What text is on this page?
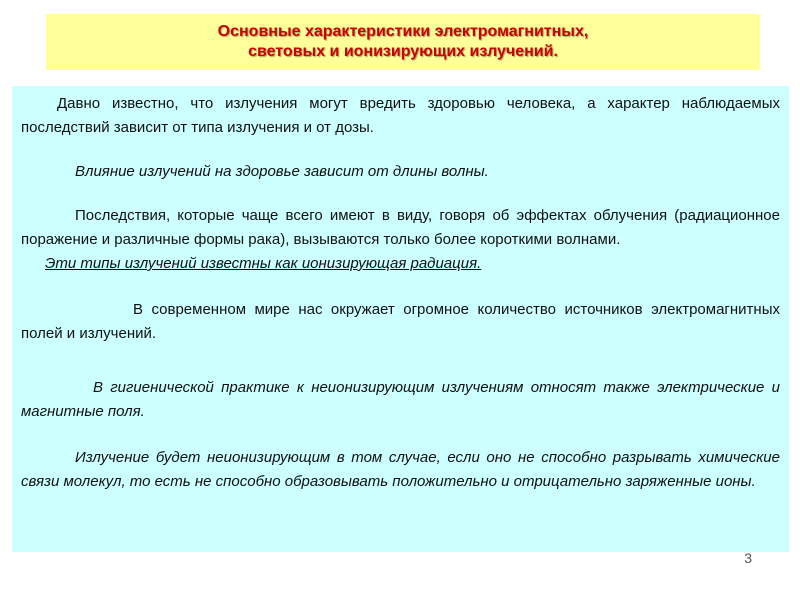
Основные характеристики электромагнитных,
световых и ионизирующих излучений.

Давно известно, что излучения могут вредить здоровью человека, а характер наблюдаемых последствий зависит от типа излучения и от дозы.

Влияние излучений на здоровье зависит от длины волны.

Последствия, которые чаще всего имеют в виду, говоря об эффектах облучения (радиационное поражение и различные формы рака), вызываются только более короткими волнами.

Эти типы излучений известны как ионизирующая радиация.

В современном мире нас окружает огромное количество источников электромагнитных полей и излучений.

В гигиенической практике к неионизирующим излучениям относят также электрические и магнитные поля.

Излучение будет неионизирующим в том случае, если оно не способно разрывать химические связи молекул, то есть не способно образовывать положительно и отрицательно заряженные ионы.

3
